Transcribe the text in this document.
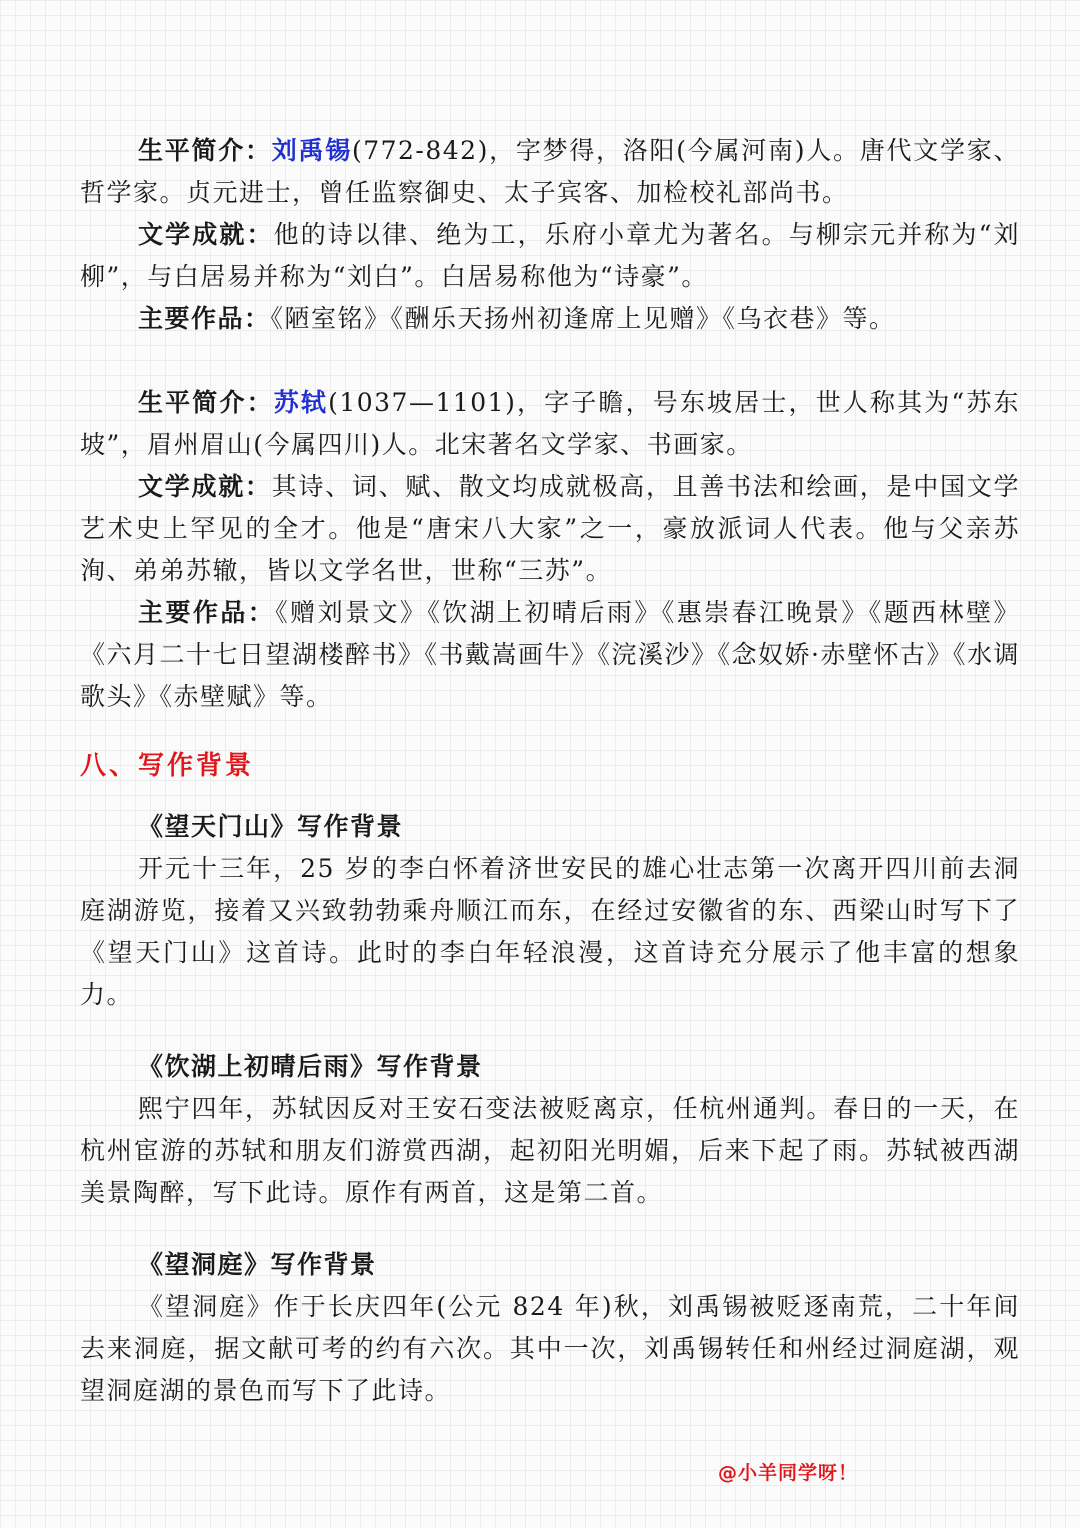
生平简介：刘禹锡(772-842)，字梦得，洛阳(今属河南)人。唐代文学家、哲学家。贞元进士，曾任监察御史、太子宾客、加检校礼部尚书。

文学成就：他的诗以律、绝为工，乐府小章尤为著名。与柳宗元并称为“刘柳”，与白居易并称为“刘白”。白居易称他为“诗豪”。

主要作品：《陋室铭》《酬乐天扬州初逢席上见赠》《乌衣巷》等。

生平简介：苏轼(1037—1101)，字子瞻，号东坡居士，世人称其为“苏东坡”，眉州眉山(今属四川)人。北宋著名文学家、书画家。

文学成就：其诗、词、赋、散文均成就极高，且善书法和绘画，是中国文学艺术史上罕见的全才。他是“唐宋八大家”之一，豪放派词人代表。他与父亲苏洵、弟弟苏辙，皆以文学名世，世称“三苏”。

主要作品：《赠刘景文》《饮湖上初晴后雨》《惠崇春江晚景》《题西林壁》《六月二十七日望湖楼醉书》《书戴嵩画牛》《浣溪沙》《念奴娇·赤壁怀古》《水调歌头》《赤壁赋》等。

八、写作背景

《望天门山》写作背景

开元十三年，25 岁的李白怀着济世安民的雄心壮志第一次离开四川前去洞庭湖游览，接着又兴致勃勃乘舟顺江而东，在经过安徽省的东、西梁山时写下了《望天门山》这首诗。此时的李白年轻浪漫，这首诗充分展示了他丰富的想象力。

《饮湖上初晴后雨》写作背景

熙宁四年，苏轼因反对王安石变法被贬离京，任杭州通判。春日的一天，在杭州宦游的苏轼和朋友们游赏西湖，起初阳光明媚，后来下起了雨。苏轼被西湖美景陶醉，写下此诗。原作有两首，这是第二首。

《望洞庭》写作背景

《望洞庭》作于长庆四年(公元 824 年)秋，刘禹锡被贬逐南荒，二十年间去来洞庭，据文献可考的约有六次。其中一次，刘禹锡转任和州经过洞庭湖，观望洞庭湖的景色而写下了此诗。

@小羊同学呀！
